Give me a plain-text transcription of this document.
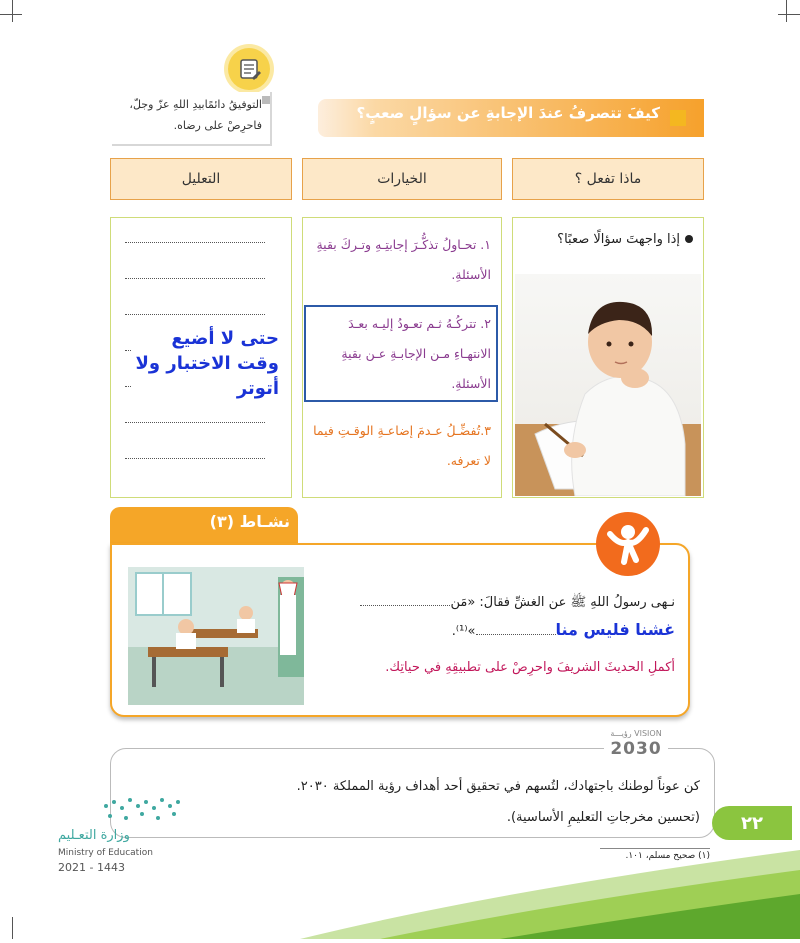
التوفيقُ دائمًابيدِ اللهِ عزّ وجلّ، فاحرِصْ على رضاه.
كيفَ تتصرفُ عندَ الإجابةِ عن سؤالٍ صعبٍ؟
ماذا تفعل ؟
الخيارات
التعليل
إذا واجهتَ سؤالًا صعبًا؟
١. تحـاولُ تذكُّـرَ إجابتِـهِ وتـركَ بقيةِ الأسئلةِ.
٢. تتركُـهُ ثـم تعـودُ إليـه بعـدَ الانتهـاءِ مـن الإجابـةِ عـن بقيةِ الأسئلةِ.
٣.تُفضِّـلُ عـدمَ إضاعـةِ الوقـتِ فيما لا تعرفه.
حتى لا أضيع وقت الاختبار ولا أتوتر
نشـاط (٣)
نـهى رسولُ اللهِ ﷺ عن الغشِّ فقالَ: «مَن
غشنا فليس منا»⁽¹⁾.
أكملِ الحديثَ الشريفَ واحرِصْ على تطبيقِهِ في حياتِك.
رؤيـــة VISION
2030
كن عوناً لوطنك باجتهادك، لتُسهم في تحقيق أحد أهداف رؤية المملكة ٢٠٣٠.
(تحسين مخرجاتِ التعليمِ الأساسية).	٢٢
(١) صحيح مسلم، ١٠١.
وزارة التعـليم
Ministry of Education
2021 - 1443
